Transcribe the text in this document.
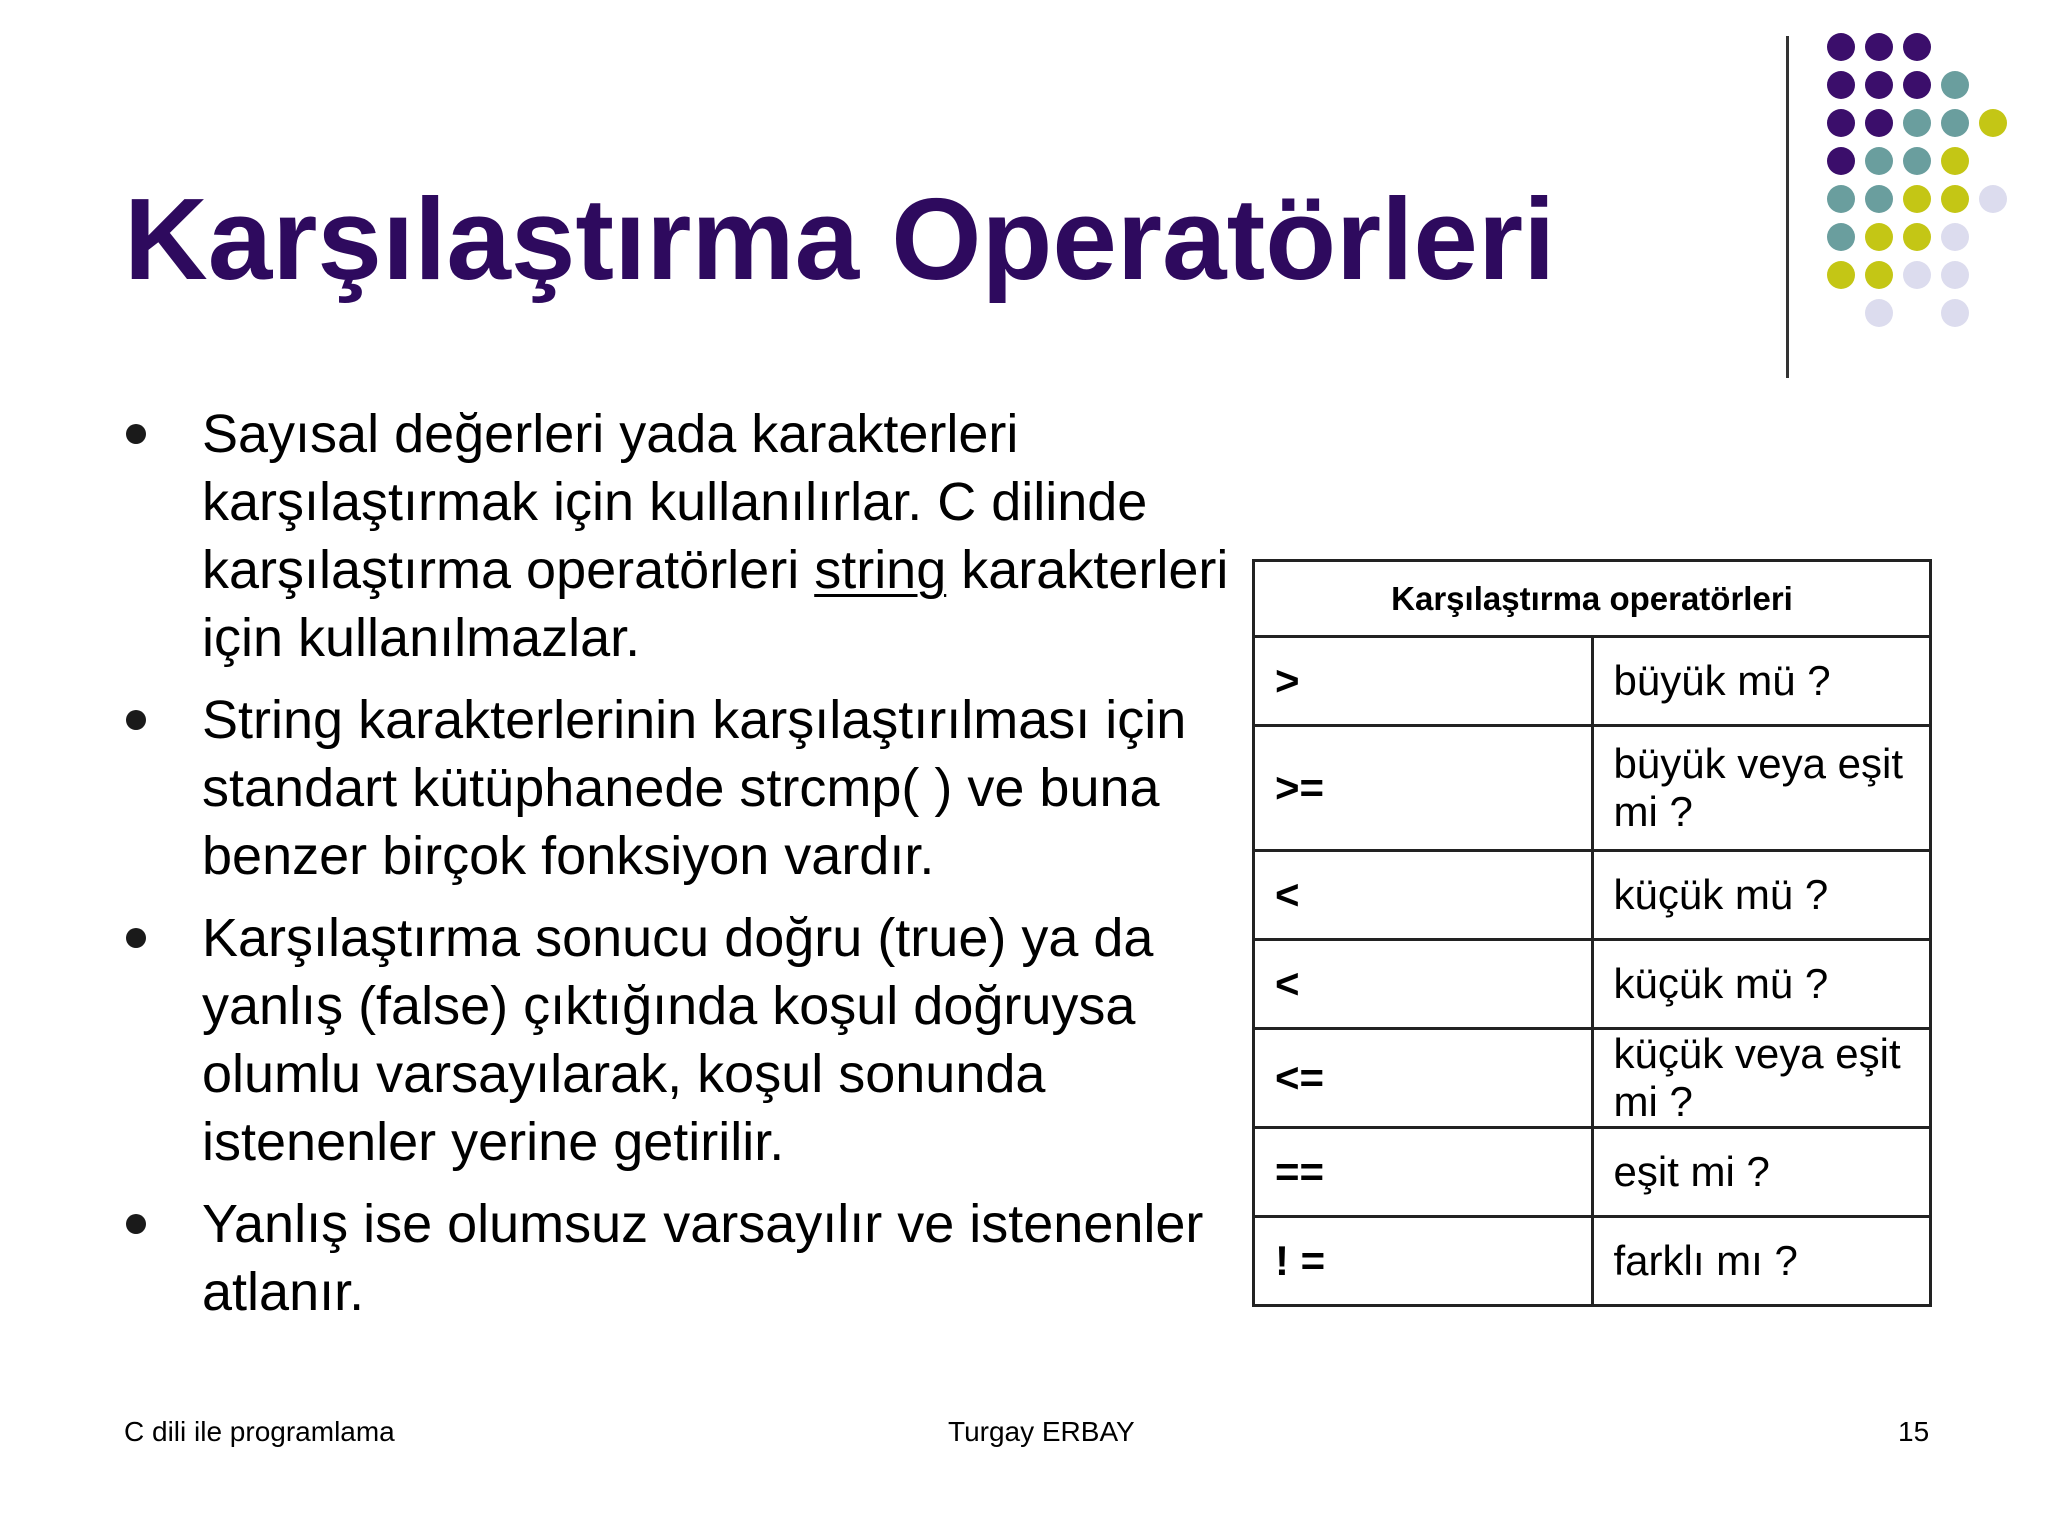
Karşılaştırma Operatörleri
Sayısal değerleri yada karakterleri karşılaştırmak için kullanılırlar. C dilinde karşılaştırma operatörleri string karakterleri için kullanılmazlar.
String karakterlerinin karşılaştırılması için standart kütüphanede strcmp( ) ve buna benzer birçok fonksiyon vardır.
Karşılaştırma sonucu doğru (true) ya da yanlış (false) çıktığında koşul doğruysa olumlu varsayılarak, koşul sonunda istenenler yerine getirilir.
Yanlış ise olumsuz varsayılır ve istenenler atlanır.
Karşılaştırma operatörleri	
>	büyük mü ?
>=	büyük veya eşit mi ?
<	küçük mü ?
<	küçük mü ?
<=	küçük veya eşit mi ?
==	eşit mi ?
! =	farklı mı ?
C dili ile programlama	Turgay ERBAY	15
